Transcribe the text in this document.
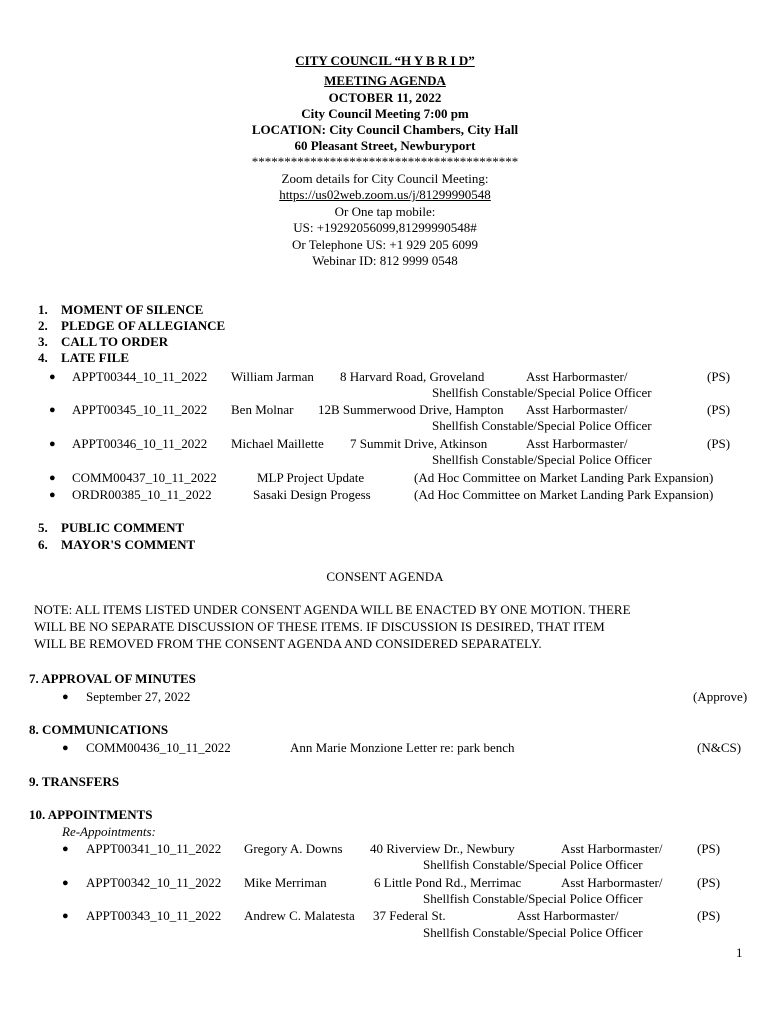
CITY COUNCIL “H Y B R I D”
MEETING AGENDA
OCTOBER 11, 2022
City Council Meeting 7:00 pm
LOCATION: City Council Chambers, City Hall
60 Pleasant Street, Newburyport
*****************************************
Zoom details for City Council Meeting:
https://us02web.zoom.us/j/81299990548
Or One tap mobile:
US: +19292056099,81299990548#
Or Telephone US: +1 929 205 6099
Webinar ID: 812 9999 0548
1. MOMENT OF SILENCE
2. PLEDGE OF ALLEGIANCE
3. CALL TO ORDER
4. LATE FILE
● APPT00344_10_11_2022 William Jarman 8 Harvard Road, Groveland	Asst Harbormaster/	(PS)
Shellfish Constable/Special Police Officer
● APPT00345_10_11_2022 Ben Molnar 12B Summerwood Drive, Hampton Asst Harbormaster/	(PS)
Shellfish Constable/Special Police Officer
● APPT00346_10_11_2022 Michael Maillette 7 Summit Drive, Atkinson	Asst Harbormaster/	(PS)
Shellfish Constable/Special Police Officer
● COMM00437_10_11_2022	MLP Project Update	(Ad Hoc Committee on Market Landing Park Expansion)
● ORDR00385_10_11_2022	Sasaki Design Progess	(Ad Hoc Committee on Market Landing Park Expansion)
5. PUBLIC COMMENT
6. MAYOR'S COMMENT
CONSENT AGENDA
NOTE: ALL ITEMS LISTED UNDER CONSENT AGENDA WILL BE ENACTED BY ONE MOTION. THERE
WILL BE NO SEPARATE DISCUSSION OF THESE ITEMS. IF DISCUSSION IS DESIRED, THAT ITEM
WILL BE REMOVED FROM THE CONSENT AGENDA AND CONSIDERED SEPARATELY.
7. APPROVAL OF MINUTES
● September 27, 2022	(Approve)
8. COMMUNICATIONS
● COMM00436_10_11_2022	Ann Marie Monzione Letter re: park bench	(N&CS)
9. TRANSFERS
10. APPOINTMENTS
Re-Appointments:
● APPT00341_10_11_2022 Gregory A. Downs 40 Riverview Dr., Newbury	Asst Harbormaster/	(PS)
Shellfish Constable/Special Police Officer
● APPT00342_10_11_2022 Mike Merriman	6 Little Pond Rd., Merrimac	Asst Harbormaster/	(PS)
Shellfish Constable/Special Police Officer
● APPT00343_10_11_2022 Andrew C. Malatesta 37 Federal St.	Asst Harbormaster/	(PS)
Shellfish Constable/Special Police Officer
1
